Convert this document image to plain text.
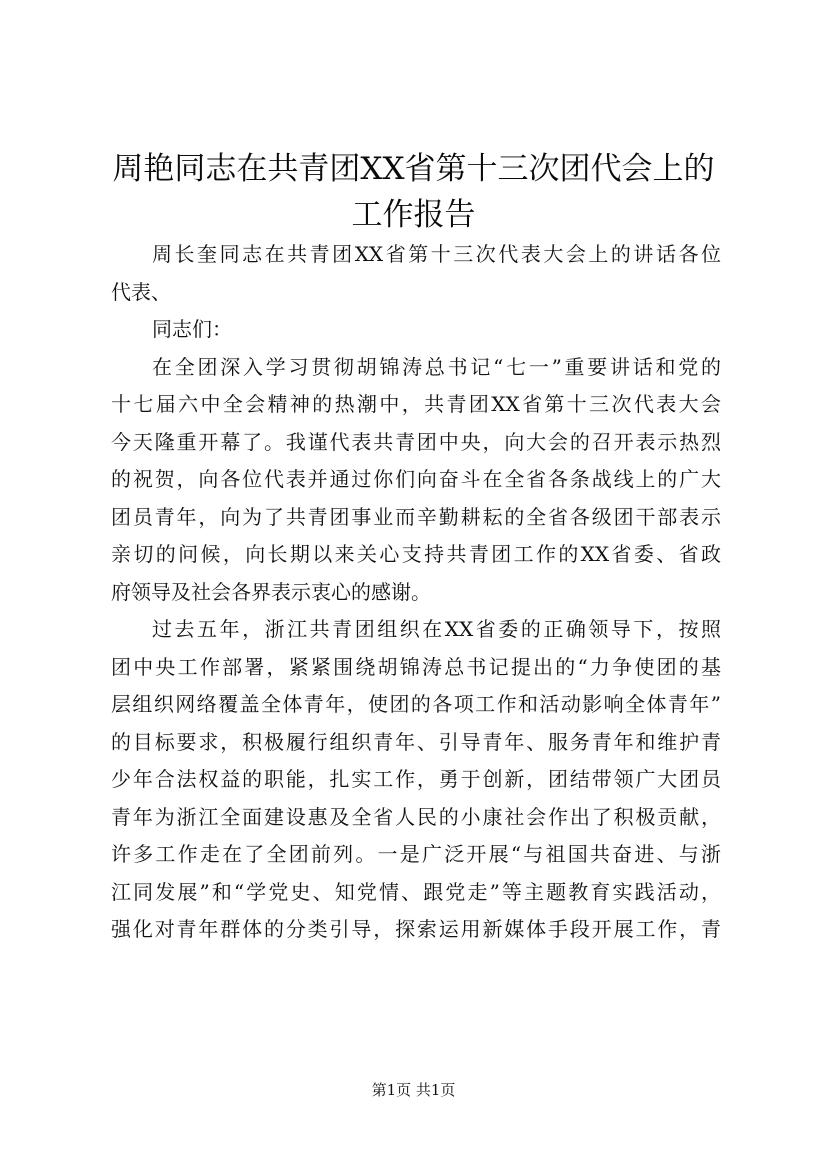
周艳同志在共青团XX省第十三次团代会上的
工作报告
周长奎同志在共青团XX省第十三次代表大会上的讲话各位
代表、
同志们：
在全团深入学习贯彻胡锦涛总书记“七一”重要讲话和党的
十七届六中全会精神的热潮中，共青团XX省第十三次代表大会
今天隆重开幕了。我谨代表共青团中央，向大会的召开表示热烈
的祝贺，向各位代表并通过你们向奋斗在全省各条战线上的广大
团员青年，向为了共青团事业而辛勤耕耘的全省各级团干部表示
亲切的问候，向长期以来关心支持共青团工作的XX省委、省政
府领导及社会各界表示衷心的感谢。
过去五年，浙江共青团组织在XX省委的正确领导下，按照
团中央工作部署，紧紧围绕胡锦涛总书记提出的“力争使团的基
层组织网络覆盖全体青年，使团的各项工作和活动影响全体青年”
的目标要求，积极履行组织青年、引导青年、服务青年和维护青
少年合法权益的职能，扎实工作，勇于创新，团结带领广大团员
青年为浙江全面建设惠及全省人民的小康社会作出了积极贡献，
许多工作走在了全团前列。一是广泛开展“与祖国共奋进、与浙
江同发展”和“学党史、知党情、跟党走”等主题教育实践活动，
强化对青年群体的分类引导，探索运用新媒体手段开展工作，青
第1页 共1页
